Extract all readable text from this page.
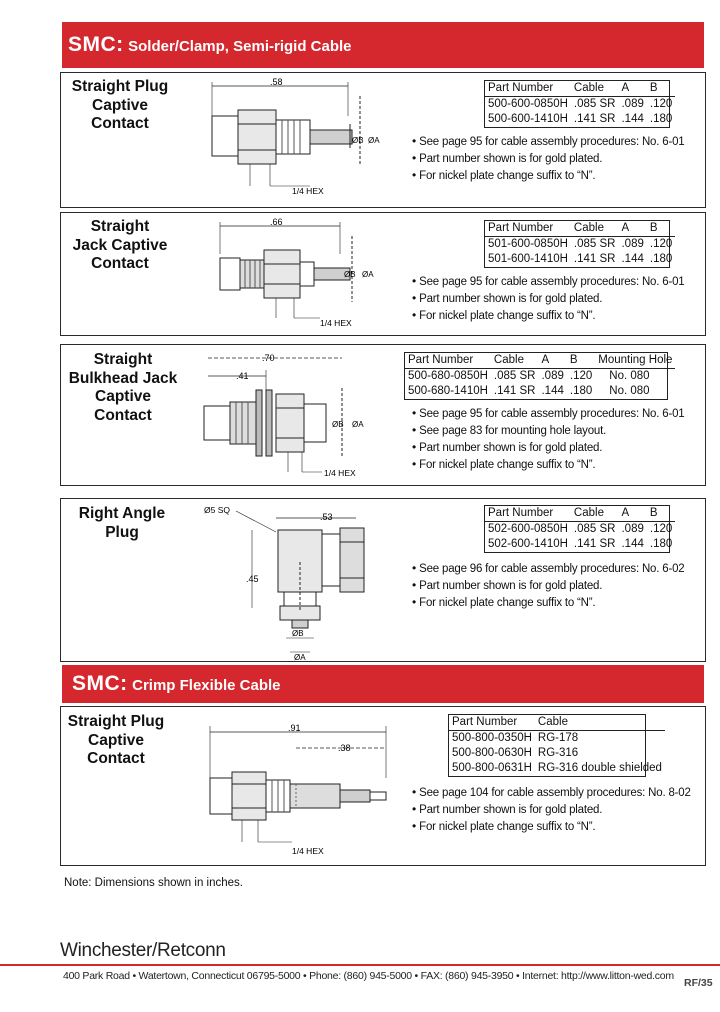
SMC: Solder/Clamp, Semi-rigid Cable
Straight Plug
Captive
Contact
.58
ØB ØA
1/4 HEX
Part Number	Cable	A	B
500-600-0850H	.085 SR	.089	.120
500-600-1410H	.141 SR	.144	.180
• See page 95 for cable assembly procedures: No. 6-01
• Part number shown is for gold plated.
• For nickel plate change suffix to “N”.
Straight
Jack Captive
Contact
.66
ØB ØA
1/4 HEX
Part Number	Cable	A	B
501-600-0850H	.085 SR	.089	.120
501-600-1410H	.141 SR	.144	.180
• See page 95 for cable assembly procedures: No. 6-01
• Part number shown is for gold plated.
• For nickel plate change suffix to “N”.
Straight
Bulkhead Jack
Captive
Contact
.70
.41
ØB ØA
1/4 HEX
Part Number	Cable	A	B	Mounting Hole
500-680-0850H	.085 SR	.089	.120	No. 080
500-680-1410H	.141 SR	.144	.180	No. 080
• See page 95 for cable assembly procedures: No. 6-01
• See page 83 for mounting hole layout.
• Part number shown is for gold plated.
• For nickel plate change suffix to “N”.
Right Angle
Plug
Ø5 SQ
.53
.45
ØB
ØA
Part Number	Cable	A	B
502-600-0850H	.085 SR	.089	.120
502-600-1410H	.141 SR	.144	.180
• See page 96 for cable assembly procedures: No. 6-02
• Part number shown is for gold plated.
• For nickel plate change suffix to “N”.
SMC: Crimp Flexible Cable
Straight Plug
Captive
Contact
.91
.38
1/4 HEX
Part Number	Cable
500-800-0350H	RG-178
500-800-0630H	RG-316
500-800-0631H	RG-316 double shielded
• See page 104 for cable assembly procedures: No. 8-02
• Part number shown is for gold plated.
• For nickel plate change suffix to “N”.
Note: Dimensions shown in inches.
Winchester/Retconn
400 Park Road • Watertown, Connecticut 06795-5000 • Phone: (860) 945-5000 • FAX: (860) 945-3950 • Internet: http://www.litton-wed.com
RF/35
